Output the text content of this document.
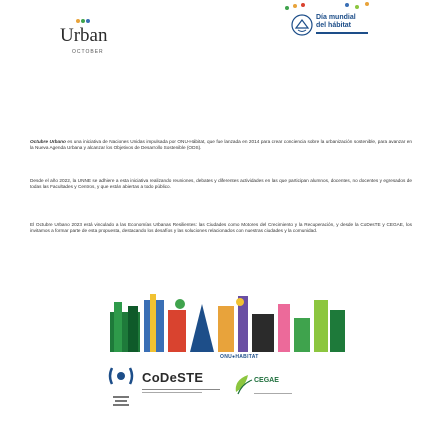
Urban
OCTOBER
Día mundial
del hábitat

Octubre Urbano es una iniciativa de Naciones Unidas impulsada por ONU-Hábitat, que fue lanzada en 2014 para crear conciencia sobre la urbanización sostenible, para avanzar en la Nueva Agenda Urbana y alcanzar los Objetivos de Desarrollo Sostenible (ODS).

Desde el año 2022, la UNNE se adhiere a esta iniciativa realizando reuniones, debates y diferentes actividades en las que participan alumnos, docentes, no docentes y egresados de todas las Facultades y Centros, y que están abiertas a todo público.

El Octubre Urbano 2023 está vinculado a las Economías Urbanas Resilientes: las Ciudades como Motores del Crecimiento y la Recuperación, y desde la CoDesTE y CEGAE, los invitamos a formar parte de esta propuesta, destacando los desafíos y las soluciones relacionados con nuestras ciudades y la comunidad.

ONU●HABITAT
CoDeSTE	CEGAE
